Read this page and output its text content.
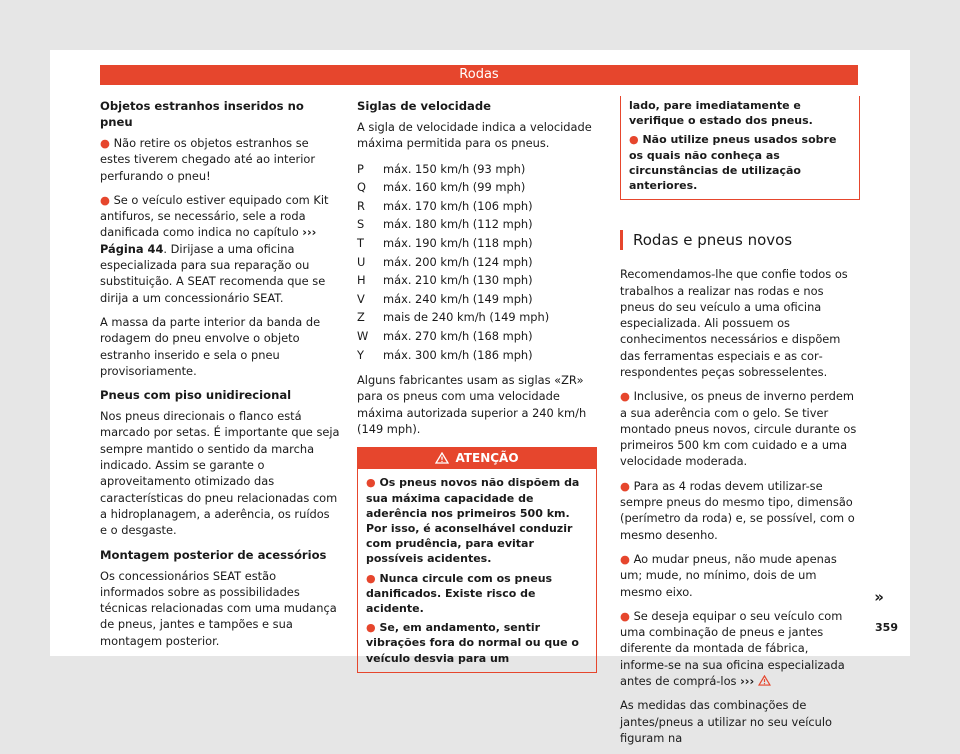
Rodas
Objetos estranhos inseridos no pneu

● Não retire os objetos estranhos se estes tiverem chegado até ao interior perfurando o pneu!

● Se o veículo estiver equipado com Kit antifuros, se necessário, sele a roda danificada como indica no capítulo ››› Página 44. Dirijase a uma oficina especializada para sua reparação ou substituição. A SEAT recomenda que se dirija a um concessionário SEAT.

A massa da parte interior da banda de rodagem do pneu envolve o objeto estranho inserido e sela o pneu provisoriamente.

Pneus com piso unidirecional

Nos pneus direcionais o flanco está marcado por setas. É importante que seja sempre mantido o sentido da marcha indicado. Assim se garante o aproveitamento otimizado das características do pneu relacionadas com a hidroplanagem, a aderência, os ruídos e o desgaste.

Montagem posterior de acessórios

Os concessionários SEAT estão informados sobre as possibilidades técnicas relacionadas com uma mudança de pneus, jantes e tampões e sua montagem posterior.

Siglas de velocidade

A sigla de velocidade indica a velocidade máxima permitida para os pneus.

P	máx. 150 km/h (93 mph)
Q	máx. 160 km/h (99 mph)
R	máx. 170 km/h (106 mph)
S	máx. 180 km/h (112 mph)
T	máx. 190 km/h (118 mph)
U	máx. 200 km/h (124 mph)
H	máx. 210 km/h (130 mph)
V	máx. 240 km/h (149 mph)
Z	mais de 240 km/h (149 mph)
W	máx. 270 km/h (168 mph)
Y	máx. 300 km/h (186 mph)

Alguns fabricantes usam as siglas «ZR» para os pneus com uma velocidade máxima autorizada superior a 240 km/h (149 mph).

ATENÇÃO

● Os pneus novos não dispõem da sua máxima capacidade de aderência nos primeiros 500 km. Por isso, é aconselhável conduzir com prudência, para evitar possíveis acidentes.

● Nunca circule com os pneus danificados. Existe risco de acidente.

● Se, em andamento, sentir vibrações fora do normal ou que o veículo desvia para um

lado, pare imediatamente e verifique o estado dos pneus.

● Não utilize pneus usados sobre os quais não conheça as circunstâncias de utilização anteriores.

Rodas e pneus novos

Recomendamos-lhe que confie todos os trabalhos a realizar nas rodas e nos pneus do seu veículo a uma oficina especializada. Ali possuem os conhecimentos necessários e dispõem das ferramentas especiais e as correspondentes peças sobresselentes.

● Inclusive, os pneus de inverno perdem a sua aderência com o gelo. Se tiver montado pneus novos, circule durante os primeiros 500 km com cuidado e a uma velocidade moderada.

● Para as 4 rodas devem utilizar-se sempre pneus do mesmo tipo, dimensão (perímetro da roda) e, se possível, com o mesmo desenho.

● Ao mudar pneus, não mude apenas um; mude, no mínimo, dois de um mesmo eixo.

● Se deseja equipar o seu veículo com uma combinação de pneus e jantes diferente da montada de fábrica, informe-se na sua oficina especializada antes de comprá-los ›››

As medidas das combinações de jantes/pneus a utilizar no seu veículo figuram na

»
359
